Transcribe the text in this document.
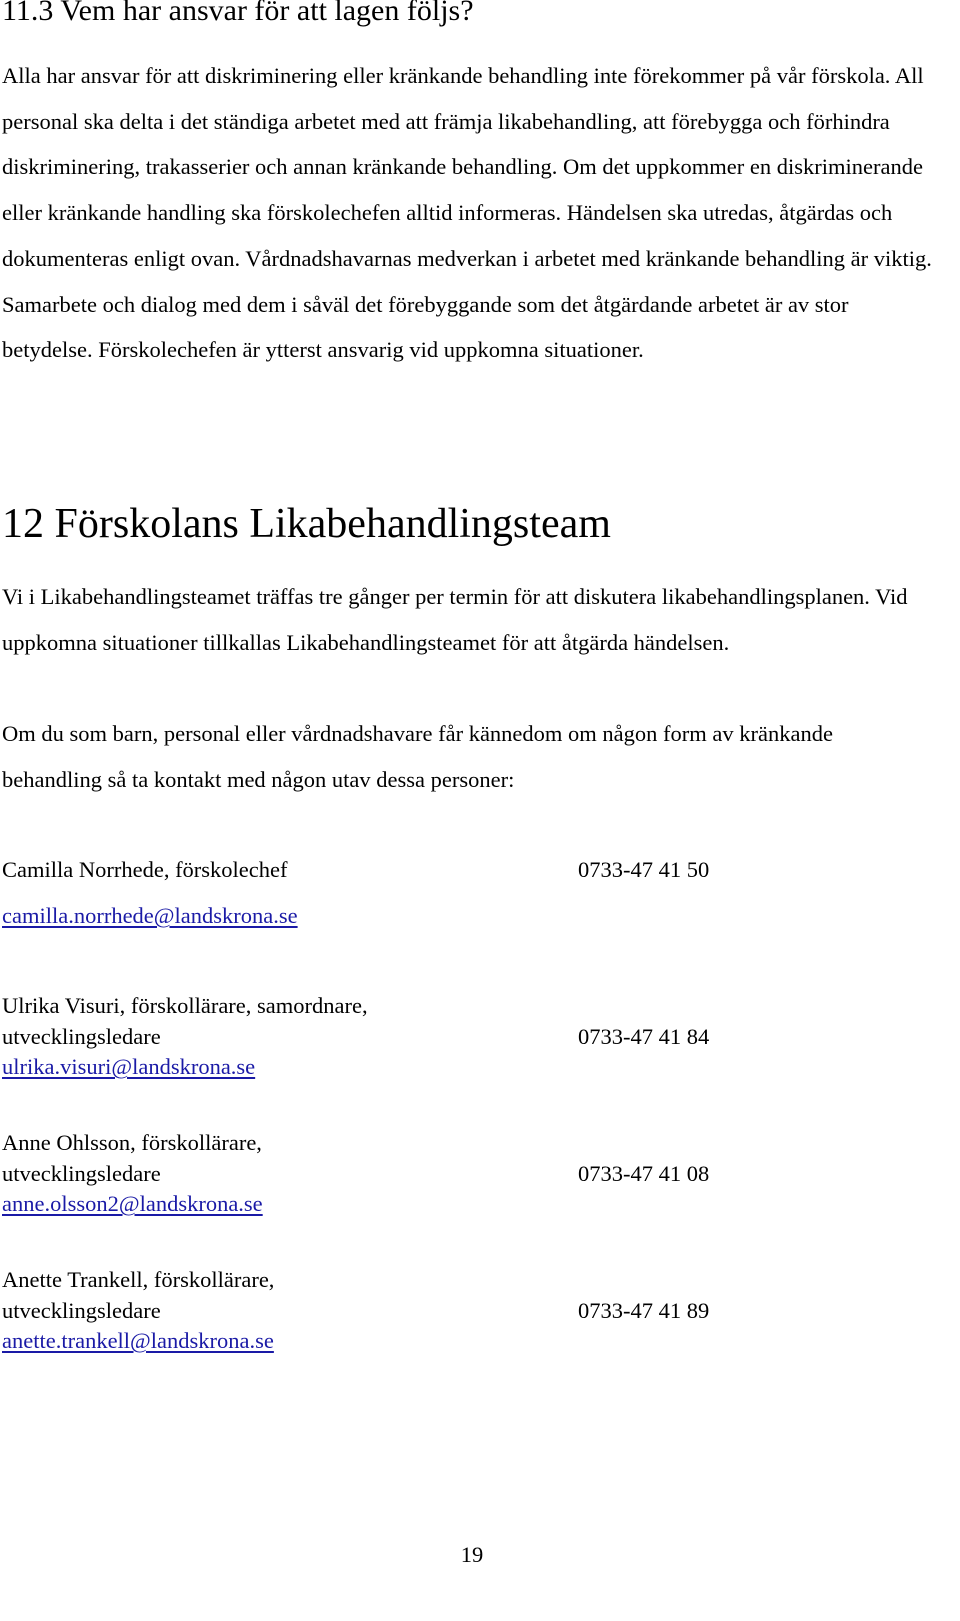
11.3 Vem har ansvar för att lagen följs?

Alla har ansvar för att diskriminering eller kränkande behandling inte förekommer på vår förskola. All personal ska delta i det ständiga arbetet med att främja likabehandling, att förebygga och förhindra diskriminering, trakasserier och annan kränkande behandling. Om det uppkommer en diskriminerande eller kränkande handling ska förskolechefen alltid informeras. Händelsen ska utredas, åtgärdas och dokumenteras enligt ovan. Vårdnadshavarnas medverkan i arbetet med kränkande behandling är viktig. Samarbete och dialog med dem i såväl det förebyggande som det åtgärdande arbetet är av stor betydelse. Förskolechefen är ytterst ansvarig vid uppkomna situationer.

12 Förskolans Likabehandlingsteam

Vi i Likabehandlingsteamet träffas tre gånger per termin för att diskutera likabehandlingsplanen. Vid uppkomna situationer tillkallas Likabehandlingsteamet för att åtgärda händelsen.

Om du som barn, personal eller vårdnadshavare får kännedom om någon form av kränkande behandling så ta kontakt med någon utav dessa personer:

Camilla Norrhede, förskolechef	0733-47 41 50
camilla.norrhede@landskrona.se
Ulrika Visuri, förskollärare, samordnare,
utvecklingsledare	0733-47 41 84
ulrika.visuri@landskrona.se
Anne Ohlsson, förskollärare,
utvecklingsledare	0733-47 41 08
anne.olsson2@landskrona.se
Anette Trankell, förskollärare,
utvecklingsledare	0733-47 41 89
anette.trankell@landskrona.se
19
